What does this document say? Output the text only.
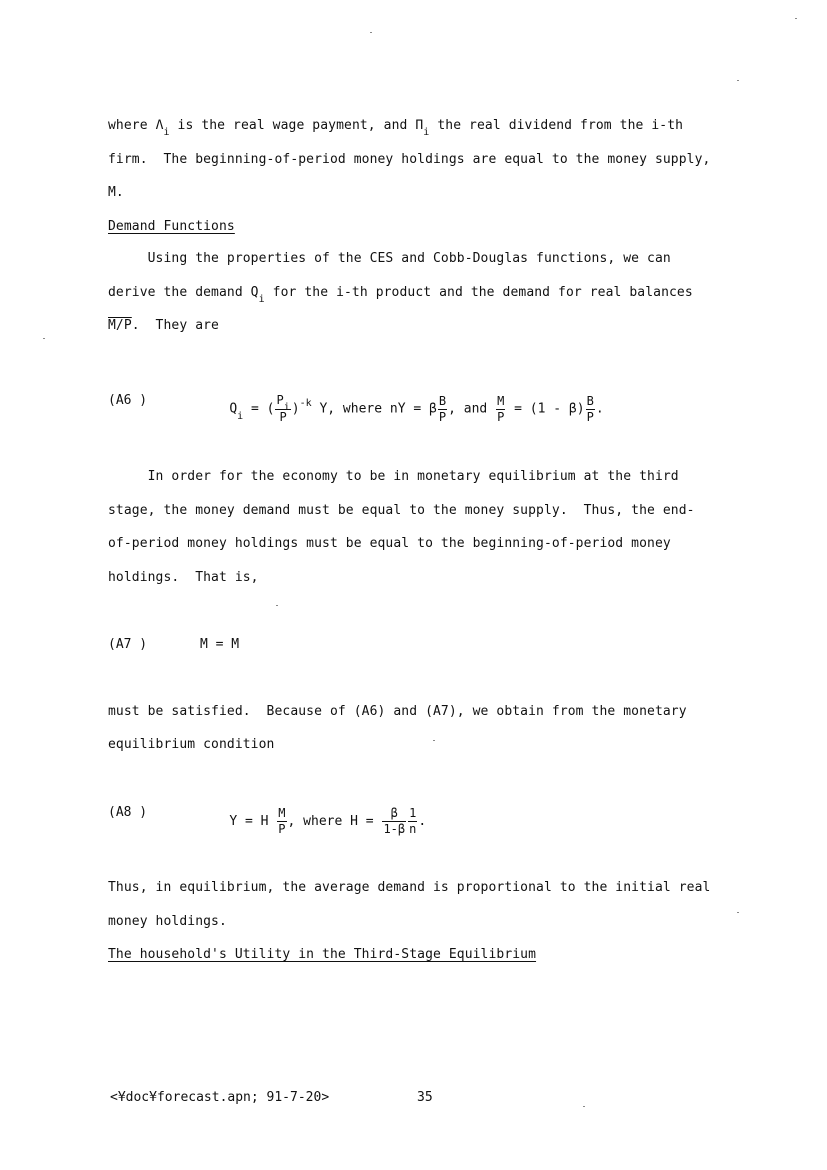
where $\Lambda_i$ is the real wage payment, and $\Pi_i$ the real dividend from the i-th
firm.  The beginning-of-period money holdings are equal to the money supply,
M.
Demand Functions
Using the properties of the CES and Cobb-Douglas functions, we can
derive the demand $Q_i$ for the i-th product and the demand for real balances
M/P.  They are
(A6 )

$Q_i$ = ( $\frac{P_i}{P} )^{-k}$ Y, where nY = β $\frac{B}{P}$ , and $\frac{M}{P} = (1 - \beta) \frac{B}{P}$ .

In order for the economy to be in monetary equilibrium at the third
stage, the money demand must be equal to the money supply.  Thus, the end-
of-period money holdings must be equal to the beginning-of-period money
holdings.  That is,
(A7 )	M = M
must be satisfied.  Because of (A6) and (A7), we obtain from the monetary
equilibrium condition
(A8 )

Y = H $\frac{M}{P}$ , where $H = \frac{\beta}{1-\beta} \frac{1}{n}$ .

Thus, in equilibrium, the average demand is proportional to the initial real
money holdings.
The household's Utility in the Third-Stage Equilibrium
<¥doc¥forecast.apn; 91-7-20>	35
